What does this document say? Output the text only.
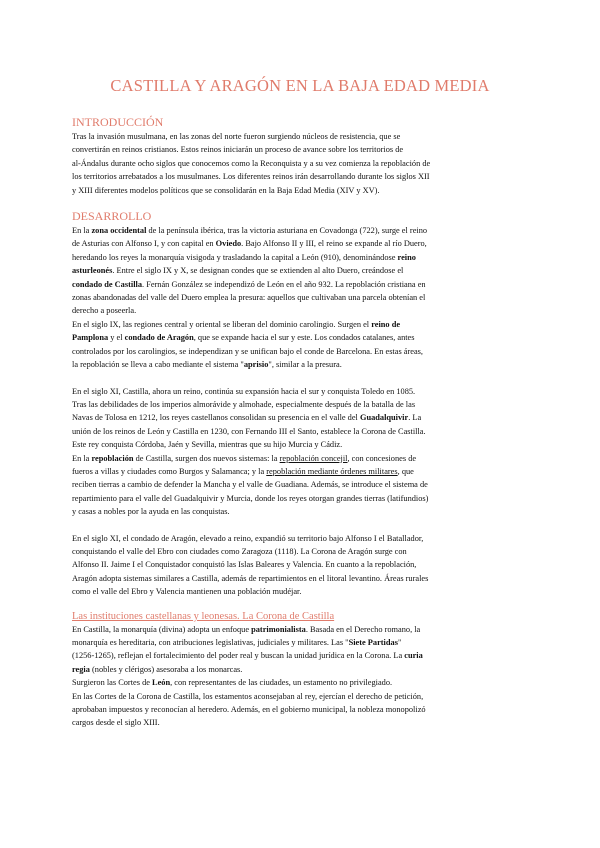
CASTILLA Y ARAGÓN EN LA BAJA EDAD MEDIA
INTRODUCCIÓN

Tras la invasión musulmana, en las zonas del norte fueron surgiendo núcleos de resistencia, que se
convertirán en reinos cristianos. Estos reinos iniciarán un proceso de avance sobre los territorios de
al-Ándalus durante ocho siglos que conocemos como la Reconquista y a su vez comienza la repoblación de
los territorios arrebatados a los musulmanes. Los diferentes reinos irán desarrollando durante los siglos XII
y XIII diferentes modelos políticos que se consolidarán en la Baja Edad Media (XIV y XV).

DESARROLLO

En la zona occidental de la península ibérica, tras la victoria asturiana en Covadonga (722), surge el reino
de Asturias con Alfonso I, y con capital en Oviedo. Bajo Alfonso II y III, el reino se expande al río Duero,
heredando los reyes la monarquía visigoda y trasladando la capital a León (910), denominándose reino
asturleonés. Entre el siglo IX y X, se designan condes que se extienden al alto Duero, creándose el
condado de Castilla. Fernán González se independizó de León en el año 932. La repoblación cristiana en
zonas abandonadas del valle del Duero emplea la presura: aquellos que cultivaban una parcela obtenían el
derecho a poseerla.

En el siglo IX, las regiones central y oriental se liberan del dominio carolingio. Surgen el reino de
Pamplona y el condado de Aragón, que se expande hacia el sur y este. Los condados catalanes, antes
controlados por los carolingios, se independizan y se unifican bajo el conde de Barcelona. En estas áreas,
la repoblación se lleva a cabo mediante el sistema "aprisio", similar a la presura.

En el siglo XI, Castilla, ahora un reino, continúa su expansión hacia el sur y conquista Toledo en 1085.
Tras las debilidades de los imperios almorávide y almohade, especialmente después de la batalla de las
Navas de Tolosa en 1212, los reyes castellanos consolidan su presencia en el valle del Guadalquivir. La
unión de los reinos de León y Castilla en 1230, con Fernando III el Santo, establece la Corona de Castilla.
Este rey conquista Córdoba, Jaén y Sevilla, mientras que su hijo Murcia y Cádiz.
En la repoblación de Castilla, surgen dos nuevos sistemas: la repoblación concejil, con concesiones de
fueros a villas y ciudades como Burgos y Salamanca; y la repoblación mediante órdenes militares, que
reciben tierras a cambio de defender la Mancha y el valle de Guadiana. Además, se introduce el sistema de
repartimiento para el valle del Guadalquivir y Murcia, donde los reyes otorgan grandes tierras (latifundios)
y casas a nobles por la ayuda en las conquistas.

En el siglo XI, el condado de Aragón, elevado a reino, expandió su territorio bajo Alfonso I el Batallador,
conquistando el valle del Ebro con ciudades como Zaragoza (1118). La Corona de Aragón surge con
Alfonso II. Jaime I el Conquistador conquistó las Islas Baleares y Valencia. En cuanto a la repoblación,
Aragón adopta sistemas similares a Castilla, además de repartimientos en el litoral levantino. Áreas rurales
como el valle del Ebro y Valencia mantienen una población mudéjar.

Las instituciones castellanas y leonesas. La Corona de Castilla

En Castilla, la monarquía (divina) adopta un enfoque patrimonialista. Basada en el Derecho romano, la
monarquía es hereditaria, con atribuciones legislativas, judiciales y militares. Las "Siete Partidas"
(1256-1265), reflejan el fortalecimiento del poder real y buscan la unidad jurídica en la Corona. La curia
regia (nobles y clérigos) asesoraba a los monarcas.

Surgieron las Cortes de León, con representantes de las ciudades, un estamento no privilegiado.

En las Cortes de la Corona de Castilla, los estamentos aconsejaban al rey, ejercían el derecho de petición,
aprobaban impuestos y reconocían al heredero. Además, en el gobierno municipal, la nobleza monopolizó
cargos desde el siglo XIII.
